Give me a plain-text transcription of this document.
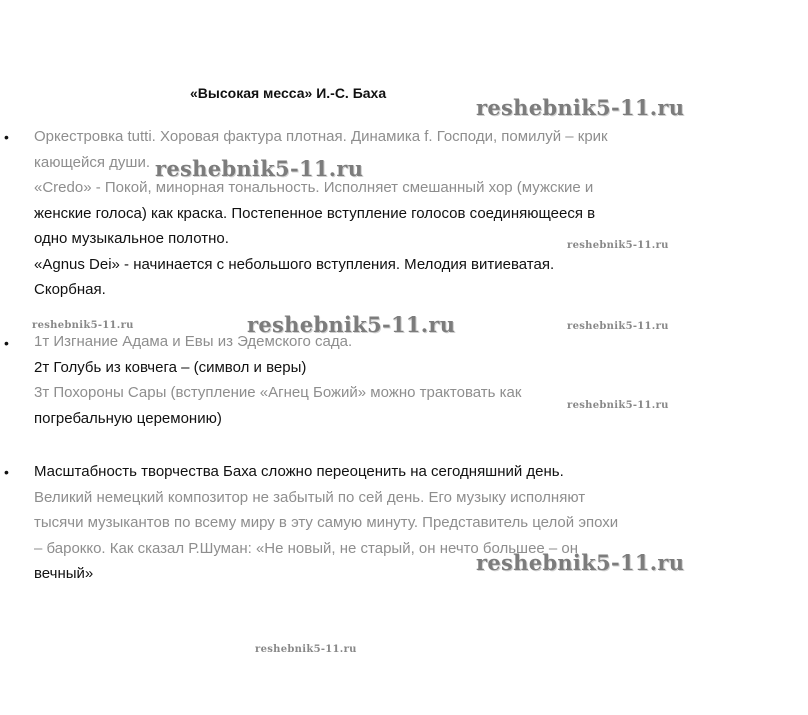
«Высокая месса» И.-С. Баха
• Оркестровка tutti. Хоровая фактура плотная. Динамика f. Господи, помилуй – крик
кающейся души.
«Credo» - Покой, минорная тональность. Исполняет смешанный хор (мужские и
женские голоса) как краска. Постепенное вступление голосов соединяющееся в
одно музыкальное полотно.
«Agnus Dei» - начинается с небольшого вступления. Мелодия витиеватая.
Скорбная.
• 1т Изгнание Адама и Евы из Эдемского сада.
2т Голубь из ковчега – (символ и веры)
3т Похороны Сары (вступление «Агнец Божий» можно трактовать как
погребальную церемонию)
• Масштабность творчества Баха сложно переоценить на сегодняшний день.
Великий немецкий композитор не забытый по сей день. Его музыку исполняют
тысячи музыкантов по всему миру в эту самую минуту. Представитель целой эпохи
– барокко. Как сказал Р.Шуман: «Не новый, не старый, он нечто большее – он
вечный»
reshebnik5-11.ru
reshebnik5-11.ru
reshebnik5-11.ru
reshebnik5-11.ru	reshebnik5-11.ru	reshebnik5-11.ru
reshebnik5-11.ru
reshebnik5-11.ru
reshebnik5-11.ru
